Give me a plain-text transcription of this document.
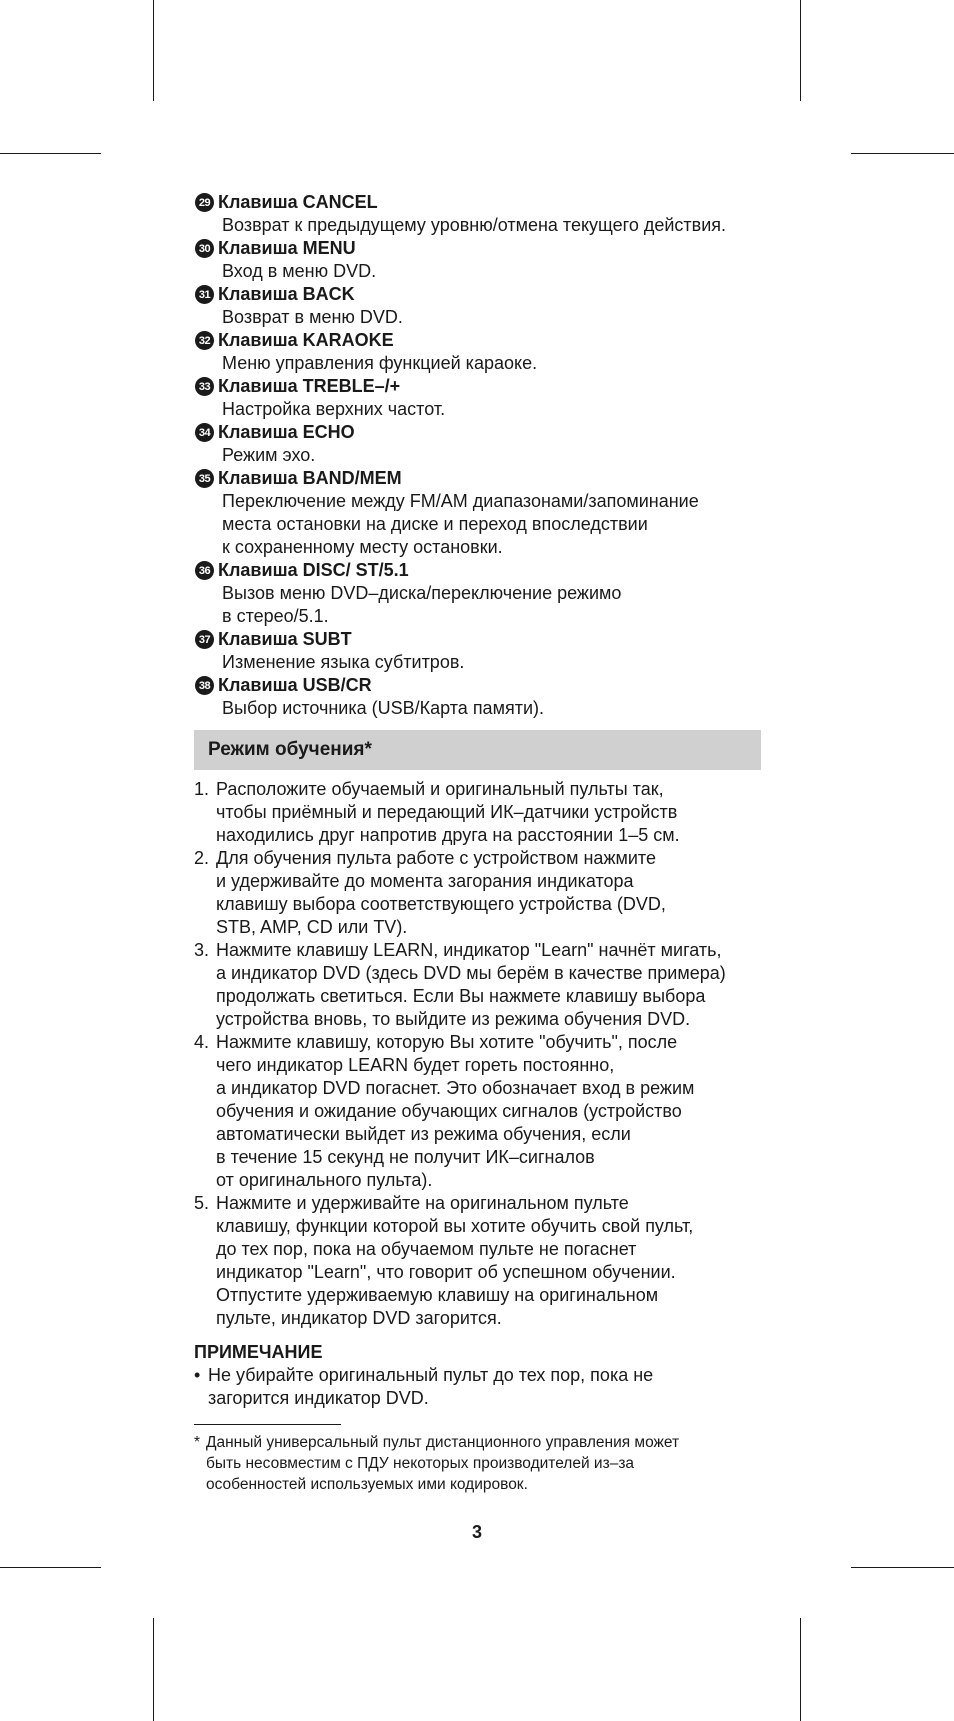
29 Клавиша CANCEL
Возврат к предыдущему уровню/отмена текущего действия.
30 Клавиша MENU
Вход в меню DVD.
31 Клавиша BACK
Возврат в меню DVD.
32 Клавиша KARAOKE
Меню управления функцией караоке.
33 Клавиша TREBLE–/+
Настройка верхних частот.
34 Клавиша ECHO
Режим эхо.
35 Клавиша BAND/MEM
Переключение между FM/AM диапазонами/запоминание
места остановки на диске и переход впоследствии
к сохраненному месту остановки.
36 Клавиша DISC/ ST/5.1
Вызов меню DVD–диска/переключение режимо
в стерео/5.1.
37 Клавиша SUBT
Изменение языка субтитров.
38 Клавиша USB/CR
Выбор источника (USB/Карта памяти).
Режим обучения*
1. Расположите обучаемый и оригинальный пульты так,
чтобы приёмный и передающий ИК–датчики устройств
находились друг напротив друга на расстоянии 1–5 см.
2. Для обучения пульта работе с устройством нажмите
и удерживайте до момента загорания индикатора
клавишу выбора соответствующего устройства (DVD,
STB, AMP, CD или TV).
3. Нажмите клавишу LEARN, индикатор "Learn" начнёт мигать,
а индикатор DVD (здесь DVD мы берём в качестве примера)
продолжать светиться. Если Вы нажмете клавишу выбора
устройства вновь, то выйдите из режима обучения DVD.
4. Нажмите клавишу, которую Вы хотите "обучить", после
чего индикатор LEARN будет гореть постоянно,
а индикатор DVD погаснет. Это обозначает вход в режим
обучения и ожидание обучающих сигналов (устройство
автоматически выйдет из режима обучения, если
в течение 15 секунд не получит ИК–сигналов
от оригинального пульта).
5. Нажмите и удерживайте на оригинальном пульте
клавишу, функции которой вы хотите обучить свой пульт,
до тех пор, пока на обучаемом пульте не погаснет
индикатор "Learn", что говорит об успешном обучении.
Отпустите удерживаемую клавишу на оригинальном
пульте, индикатор DVD загорится.
ПРИМЕЧАНИЕ
• Не убирайте оригинальный пульт до тех пор, пока не
загорится индикатор DVD.
* Данный универсальный пульт дистанционного управления может
быть несовместим с ПДУ некоторых производителей из–за
особенностей используемых ими кодировок.
3
